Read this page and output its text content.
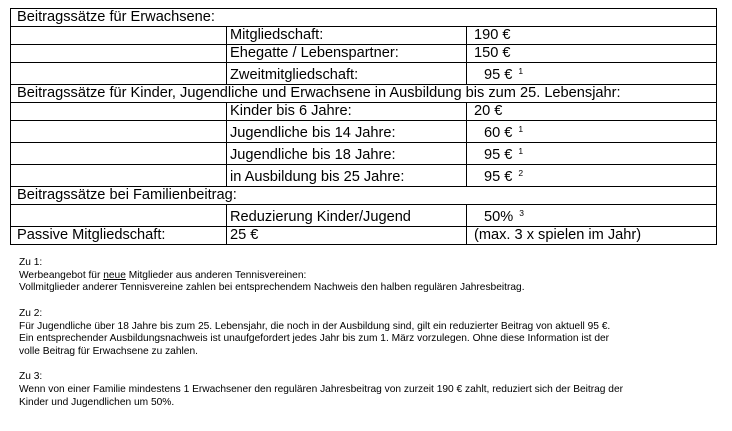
Beitragssätze für Erwachsene:		
	Mitgliedschaft:	190 €
	Ehegatte / Lebenspartner:	150 €
	Zweitmitgliedschaft:	95 € $^1$
Beitragssätze für Kinder, Jugendliche und Erwachsene in Ausbildung bis zum 25. Lebensjahr:		
	Kinder bis 6 Jahre:	20 €
	Jugendliche bis 14 Jahre:	60 € $^1$
	Jugendliche bis 18 Jahre:	95 € $^1$
	in Ausbildung bis 25 Jahre:	95 € $^2$
Beitragssätze bei Familienbeitrag:		
	Reduzierung Kinder/Jugend	50% $^3$
Passive Mitgliedschaft:	25 €	(max. 3 x spielen im Jahr)

Zu 1:

Werbeangebot für neue Mitglieder aus anderen Tennisvereinen:

Vollmitglieder anderer Tennisvereine zahlen bei entsprechendem Nachweis den halben regulären Jahresbeitrag.

Zu 2:

Für Jugendliche über 18 Jahre bis zum 25. Lebensjahr, die noch in der Ausbildung sind, gilt ein reduzierter Beitrag von aktuell 95 €.

Ein entsprechender Ausbildungsnachweis ist unaufgefordert jedes Jahr bis zum 1. März vorzulegen. Ohne diese Information ist der

volle Beitrag für Erwachsene zu zahlen.

Zu 3:

Wenn von einer Familie mindestens 1 Erwachsener den regulären Jahresbeitrag von zurzeit 190 € zahlt, reduziert sich der Beitrag der

Kinder und Jugendlichen um 50%.
